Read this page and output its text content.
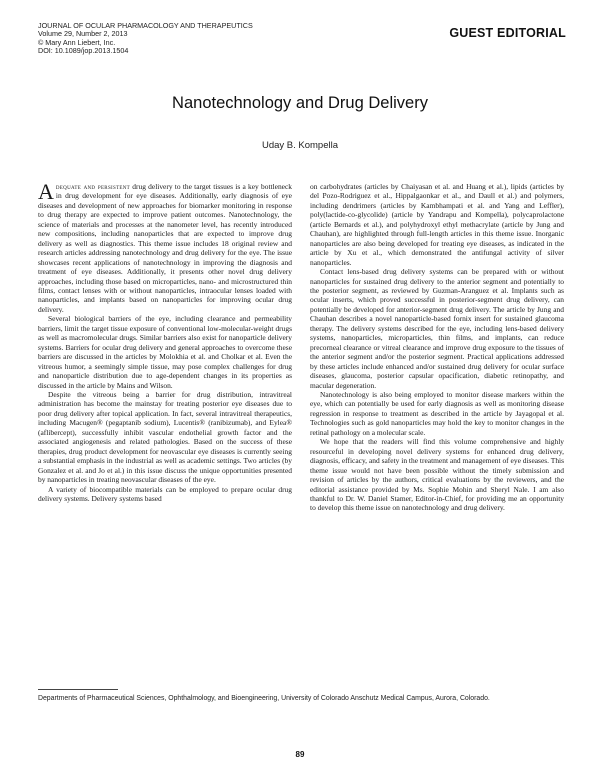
JOURNAL OF OCULAR PHARMACOLOGY AND THERAPEUTICS
Volume 29, Number 2, 2013
© Mary Ann Liebert, Inc.
DOI: 10.1089/jop.2013.1504
GUEST EDITORIAL
Nanotechnology and Drug Delivery
Uday B. Kompella

Adequate and persistent drug delivery to the target tissues is a key bottleneck in drug development for eye diseases. Additionally, early diagnosis of eye diseases and development of new approaches for biomarker monitoring in response to drug therapy are expected to improve patient outcomes. Nanotechnology, the science of materials and processes at the nanometer level, has recently introduced new compositions, including nanoparticles that are expected to improve drug delivery as well as diagnostics. This theme issue includes 18 original review and research articles addressing nanotechnology and drug delivery for the eye. The issue showcases recent applications of nanotechnology in improving the diagnosis and treatment of eye diseases. Additionally, it presents other novel drug delivery approaches, including those based on microparticles, nano- and microstructured thin films, contact lenses with or without nanoparticles, intraocular lenses loaded with nanoparticles, and implants based on nanoparticles for improving ocular drug delivery.

Several biological barriers of the eye, including clearance and permeability barriers, limit the target tissue exposure of conventional low-molecular-weight drugs as well as macromolecular drugs. Similar barriers also exist for nanoparticle delivery systems. Barriers for ocular drug delivery and general approaches to overcome these barriers are discussed in the articles by Molokhia et al. and Cholkar et al. Even the vitreous humor, a seemingly simple tissue, may pose complex challenges for drug and nanoparticle distribution due to age-dependent changes in its properties as discussed in the article by Mains and Wilson.

Despite the vitreous being a barrier for drug distribution, intravitreal administration has become the mainstay for treating posterior eye diseases due to poor drug delivery after topical application. In fact, several intravitreal therapeutics, including Macugen® (pegaptanib sodium), Lucentis® (ranibizumab), and Eylea® (aflibercept), successfully inhibit vascular endothelial growth factor and the associated angiogenesis and related pathologies. Based on the success of these therapies, drug product development for neovascular eye diseases is currently seeing a substantial emphasis in the industrial as well as academic settings. Two articles (by Gonzalez et al. and Jo et al.) in this issue discuss the unique opportunities presented by nanoparticles in treating neovascular diseases of the eye.

A variety of biocompatible materials can be employed to prepare ocular drug delivery systems. Delivery systems based

on carbohydrates (articles by Chaiyasan et al. and Huang et al.), lipids (articles by del Pozo-Rodriguez et al., Hippalgaonkar et al., and Daull et al.) and polymers, including dendrimers (articles by Kambhampati et al. and Yang and Leffler), poly(lactide-co-glycolide) (article by Yandrapu and Kompella), polycaprolactone (article Bernards et al.), and polyhydroxyl ethyl methacrylate (article by Jung and Chauhan), are highlighted through full-length articles in this theme issue. Inorganic nanoparticles are also being developed for treating eye diseases, as indicated in the article by Xu et al., which demonstrated the antifungal activity of silver nanoparticles.

Contact lens-based drug delivery systems can be prepared with or without nanoparticles for sustained drug delivery to the anterior segment and potentially to the posterior segment, as reviewed by Guzman-Aranguez et al. Implants such as ocular inserts, which proved successful in posterior-segment drug delivery, can potentially be developed for anterior-segment drug delivery. The article by Jung and Chauhan describes a novel nanoparticle-based fornix insert for sustained glaucoma therapy. The delivery systems described for the eye, including lens-based delivery systems, nanoparticles, microparticles, thin films, and implants, can reduce precorneal clearance or vitreal clearance and improve drug exposure to the tissues of the anterior segment and/or the posterior segment. Practical applications addressed by these articles include enhanced and/or sustained drug delivery for ocular surface diseases, glaucoma, posterior capsular opacification, diabetic retinopathy, and macular degeneration.

Nanotechnology is also being employed to monitor disease markers within the eye, which can potentially be used for early diagnosis as well as monitoring disease regression in response to treatment as described in the article by Jayagopal et al. Technologies such as gold nanoparticles may hold the key to monitor changes in the retinal pathology on a molecular scale.

We hope that the readers will find this volume comprehensive and highly resourceful in developing novel delivery systems for enhanced drug delivery, diagnosis, efficacy, and safety in the treatment and management of eye diseases. This theme issue would not have been possible without the timely submission and revision of articles by the authors, critical evaluations by the reviewers, and the editorial assistance provided by Ms. Sophie Mohin and Sheryl Nale. I am also thankful to Dr. W. Daniel Stamer, Editor-in-Chief, for providing me an opportunity to develop this theme issue on nanotechnology and drug delivery.

Departments of Pharmaceutical Sciences, Ophthalmology, and Bioengineering, University of Colorado Anschutz Medical Campus, Aurora, Colorado.
89
